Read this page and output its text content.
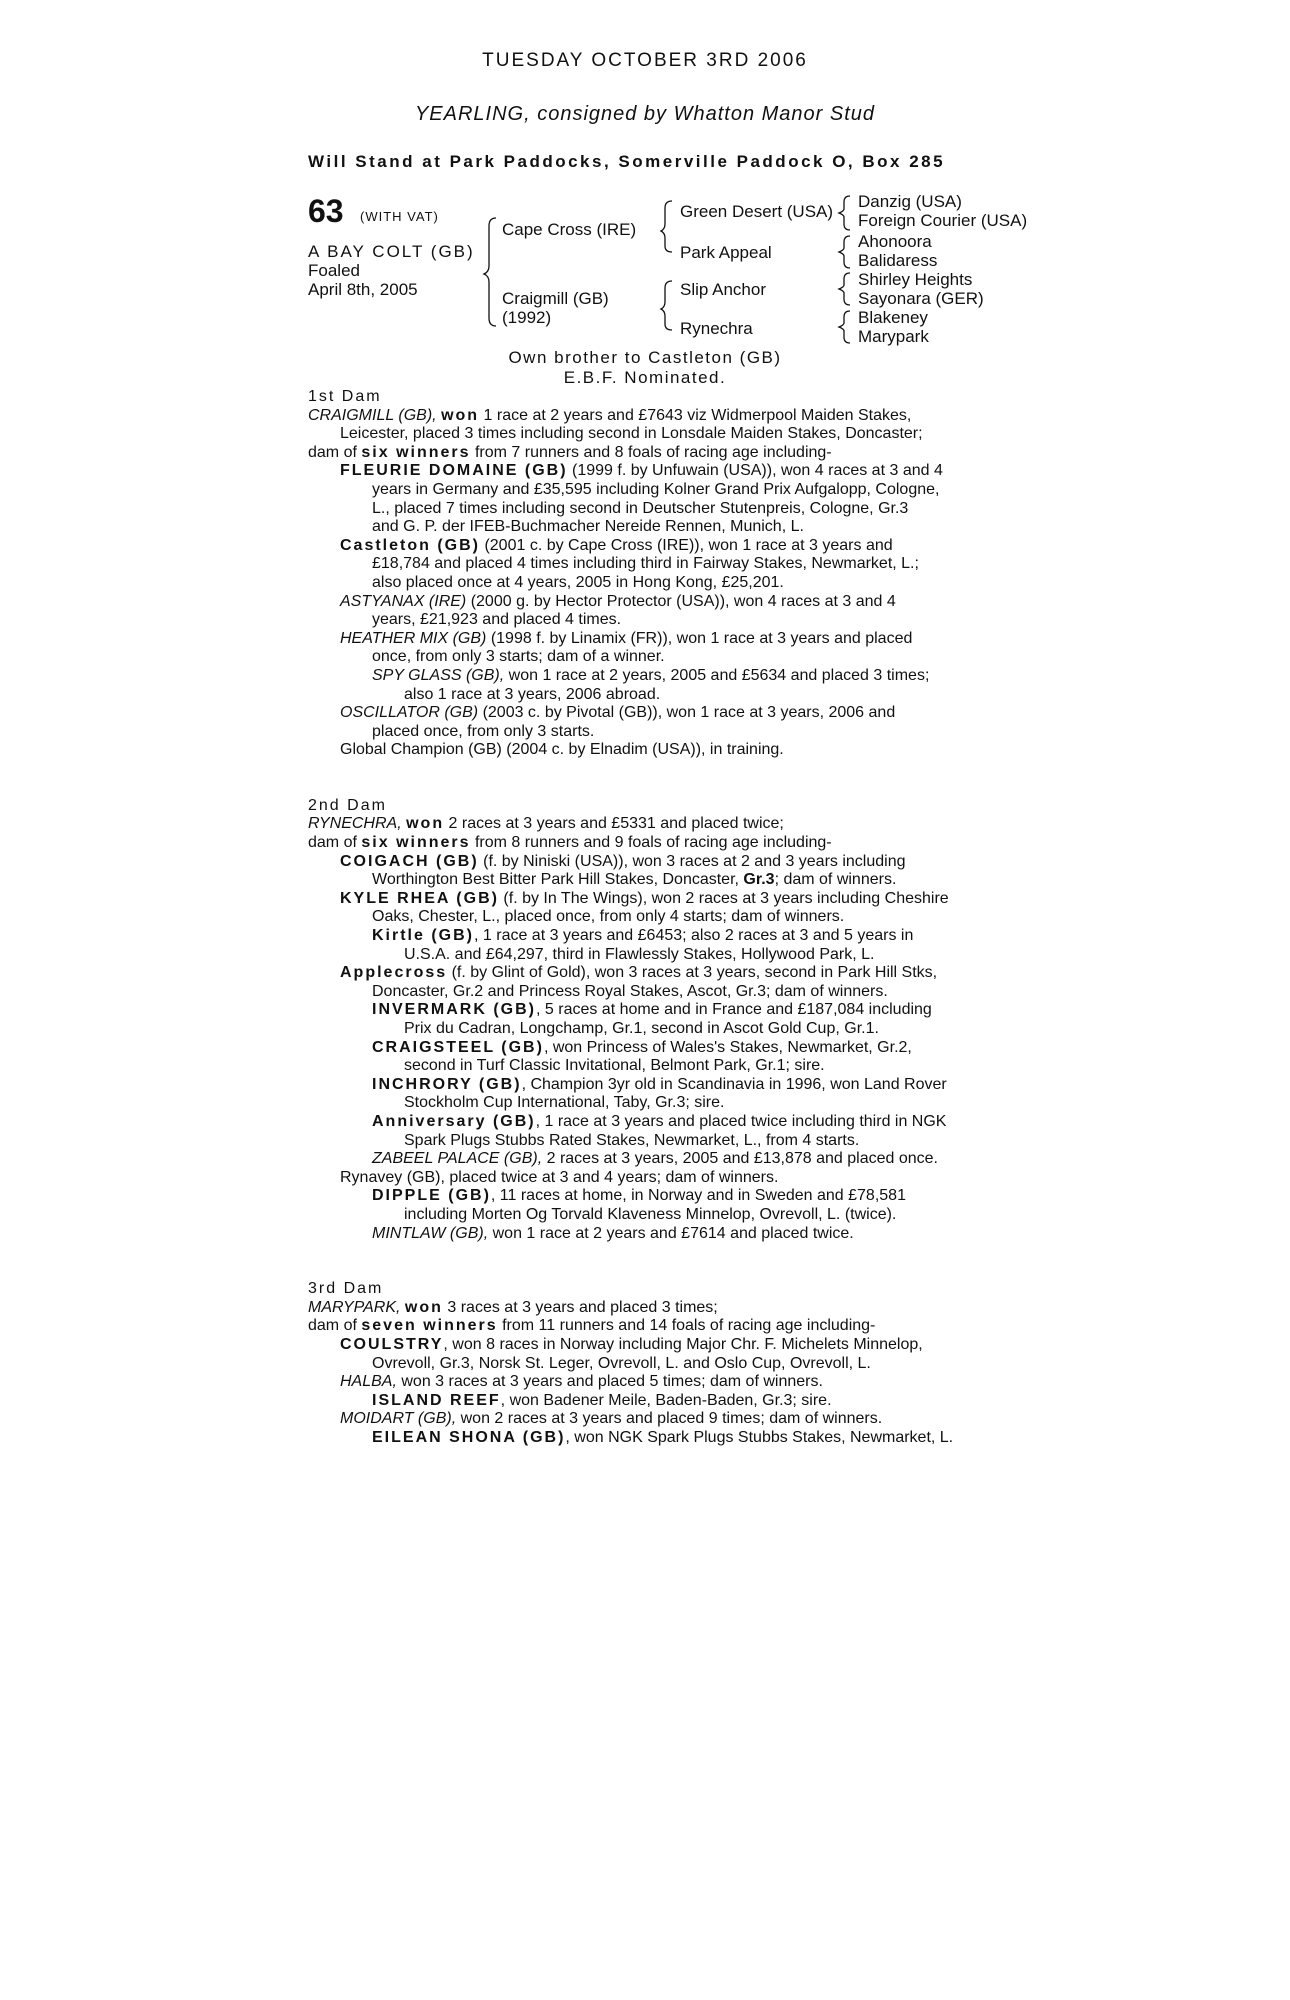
TUESDAY OCTOBER 3RD 2006
YEARLING, consigned by Whatton Manor Stud
Will Stand at Park Paddocks, Somerville Paddock O, Box 285
63 (WITH VAT)
A BAY COLT (GB)
Foaled
April 8th, 2005
Cape Cross (IRE)
Craigmill (GB)
(1992)
Green Desert (USA)
Park Appeal
Slip Anchor
Rynechra
Danzig (USA)
Foreign Courier (USA)
Ahonoora
Balidaress
Shirley Heights
Sayonara (GER)
Blakeney
Marypark
Own brother to Castleton (GB)
E.B.F. Nominated.
1st Dam
CRAIGMILL (GB), won 1 race at 2 years and £7643 viz Widmerpool Maiden Stakes,
Leicester, placed 3 times including second in Lonsdale Maiden Stakes, Doncaster;
dam of six winners from 7 runners and 8 foals of racing age including-
FLEURIE DOMAINE (GB) (1999 f. by Unfuwain (USA)), won 4 races at 3 and 4
years in Germany and £35,595 including Kolner Grand Prix Aufgalopp, Cologne,
L., placed 7 times including second in Deutscher Stutenpreis, Cologne, Gr.3
and G. P. der IFEB-Buchmacher Nereide Rennen, Munich, L.
Castleton (GB) (2001 c. by Cape Cross (IRE)), won 1 race at 3 years and
£18,784 and placed 4 times including third in Fairway Stakes, Newmarket, L.;
also placed once at 4 years, 2005 in Hong Kong, £25,201.
ASTYANAX (IRE) (2000 g. by Hector Protector (USA)), won 4 races at 3 and 4
years, £21,923 and placed 4 times.
HEATHER MIX (GB) (1998 f. by Linamix (FR)), won 1 race at 3 years and placed
once, from only 3 starts; dam of a winner.
SPY GLASS (GB), won 1 race at 2 years, 2005 and £5634 and placed 3 times;
also 1 race at 3 years, 2006 abroad.
OSCILLATOR (GB) (2003 c. by Pivotal (GB)), won 1 race at 3 years, 2006 and
placed once, from only 3 starts.
Global Champion (GB) (2004 c. by Elnadim (USA)), in training.
2nd Dam
RYNECHRA, won 2 races at 3 years and £5331 and placed twice;
dam of six winners from 8 runners and 9 foals of racing age including-
COIGACH (GB) (f. by Niniski (USA)), won 3 races at 2 and 3 years including
Worthington Best Bitter Park Hill Stakes, Doncaster, Gr.3; dam of winners.
KYLE RHEA (GB) (f. by In The Wings), won 2 races at 3 years including Cheshire
Oaks, Chester, L., placed once, from only 4 starts; dam of winners.
Kirtle (GB), 1 race at 3 years and £6453; also 2 races at 3 and 5 years in
U.S.A. and £64,297, third in Flawlessly Stakes, Hollywood Park, L.
Applecross (f. by Glint of Gold), won 3 races at 3 years, second in Park Hill Stks,
Doncaster, Gr.2 and Princess Royal Stakes, Ascot, Gr.3; dam of winners.
INVERMARK (GB), 5 races at home and in France and £187,084 including
Prix du Cadran, Longchamp, Gr.1, second in Ascot Gold Cup, Gr.1.
CRAIGSTEEL (GB), won Princess of Wales's Stakes, Newmarket, Gr.2,
second in Turf Classic Invitational, Belmont Park, Gr.1; sire.
INCHRORY (GB), Champion 3yr old in Scandinavia in 1996, won Land Rover
Stockholm Cup International, Taby, Gr.3; sire.
Anniversary (GB), 1 race at 3 years and placed twice including third in NGK
Spark Plugs Stubbs Rated Stakes, Newmarket, L., from 4 starts.
ZABEEL PALACE (GB), 2 races at 3 years, 2005 and £13,878 and placed once.
Rynavey (GB), placed twice at 3 and 4 years; dam of winners.
DIPPLE (GB), 11 races at home, in Norway and in Sweden and £78,581
including Morten Og Torvald Klaveness Minnelop, Ovrevoll, L. (twice).
MINTLAW (GB), won 1 race at 2 years and £7614 and placed twice.
3rd Dam
MARYPARK, won 3 races at 3 years and placed 3 times;
dam of seven winners from 11 runners and 14 foals of racing age including-
COULSTRY, won 8 races in Norway including Major Chr. F. Michelets Minnelop,
Ovrevoll, Gr.3, Norsk St. Leger, Ovrevoll, L. and Oslo Cup, Ovrevoll, L.
HALBA, won 3 races at 3 years and placed 5 times; dam of winners.
ISLAND REEF, won Badener Meile, Baden-Baden, Gr.3; sire.
MOIDART (GB), won 2 races at 3 years and placed 9 times; dam of winners.
EILEAN SHONA (GB), won NGK Spark Plugs Stubbs Stakes, Newmarket, L.
